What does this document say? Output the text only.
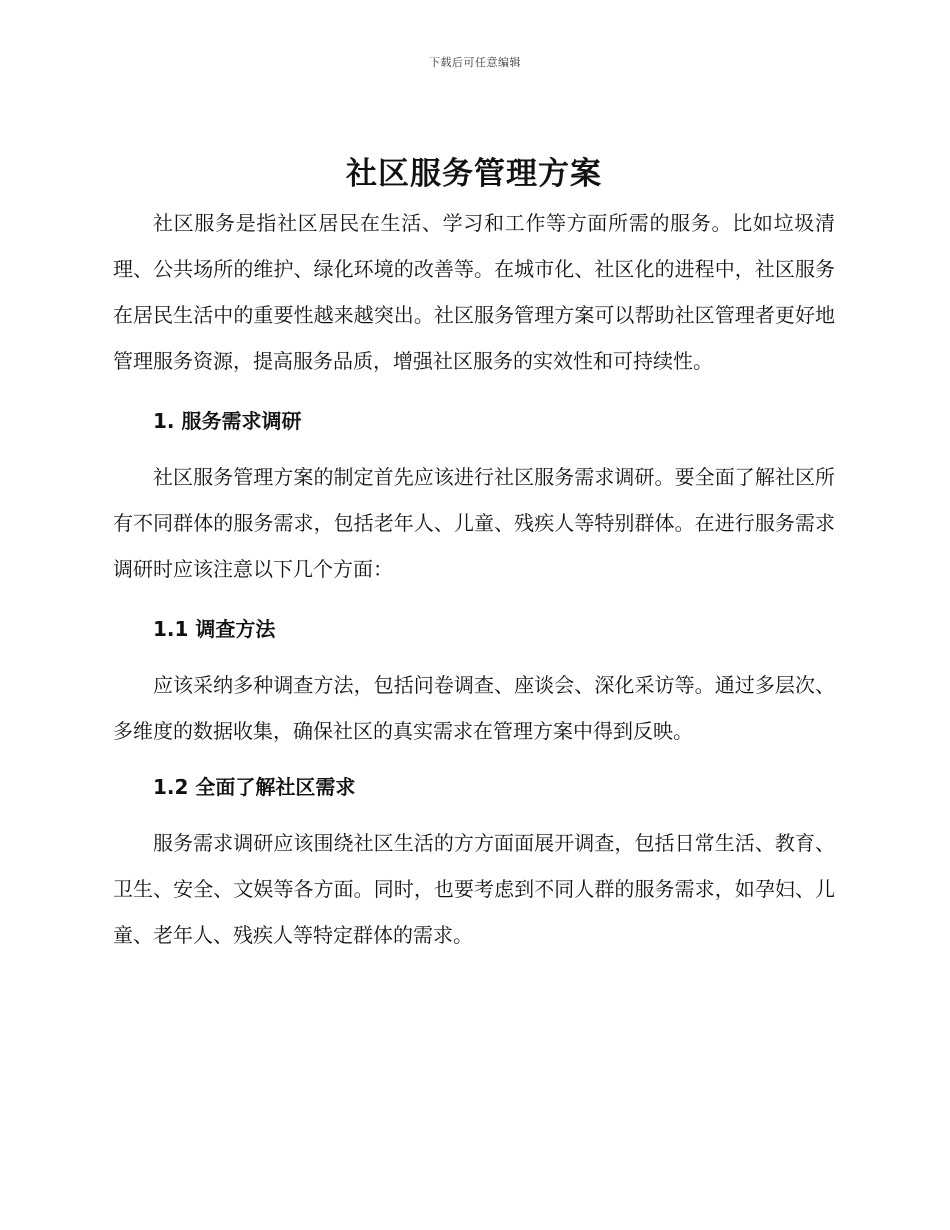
下载后可任意编辑
社区服务管理方案

社区服务是指社区居民在生活、学习和工作等方面所需的服务。比如垃圾清理、公共场所的维护、绿化环境的改善等。在城市化、社区化的进程中，社区服务在居民生活中的重要性越来越突出。社区服务管理方案可以帮助社区管理者更好地管理服务资源，提高服务品质，增强社区服务的实效性和可持续性。

1. 服务需求调研

社区服务管理方案的制定首先应该进行社区服务需求调研。要全面了解社区所有不同群体的服务需求，包括老年人、儿童、残疾人等特别群体。在进行服务需求调研时应该注意以下几个方面：

1.1 调查方法

应该采纳多种调查方法，包括问卷调查、座谈会、深化采访等。通过多层次、多维度的数据收集，确保社区的真实需求在管理方案中得到反映。

1.2 全面了解社区需求

服务需求调研应该围绕社区生活的方方面面展开调查，包括日常生活、教育、卫生、安全、文娱等各方面。同时，也要考虑到不同人群的服务需求，如孕妇、儿童、老年人、残疾人等特定群体的需求。
